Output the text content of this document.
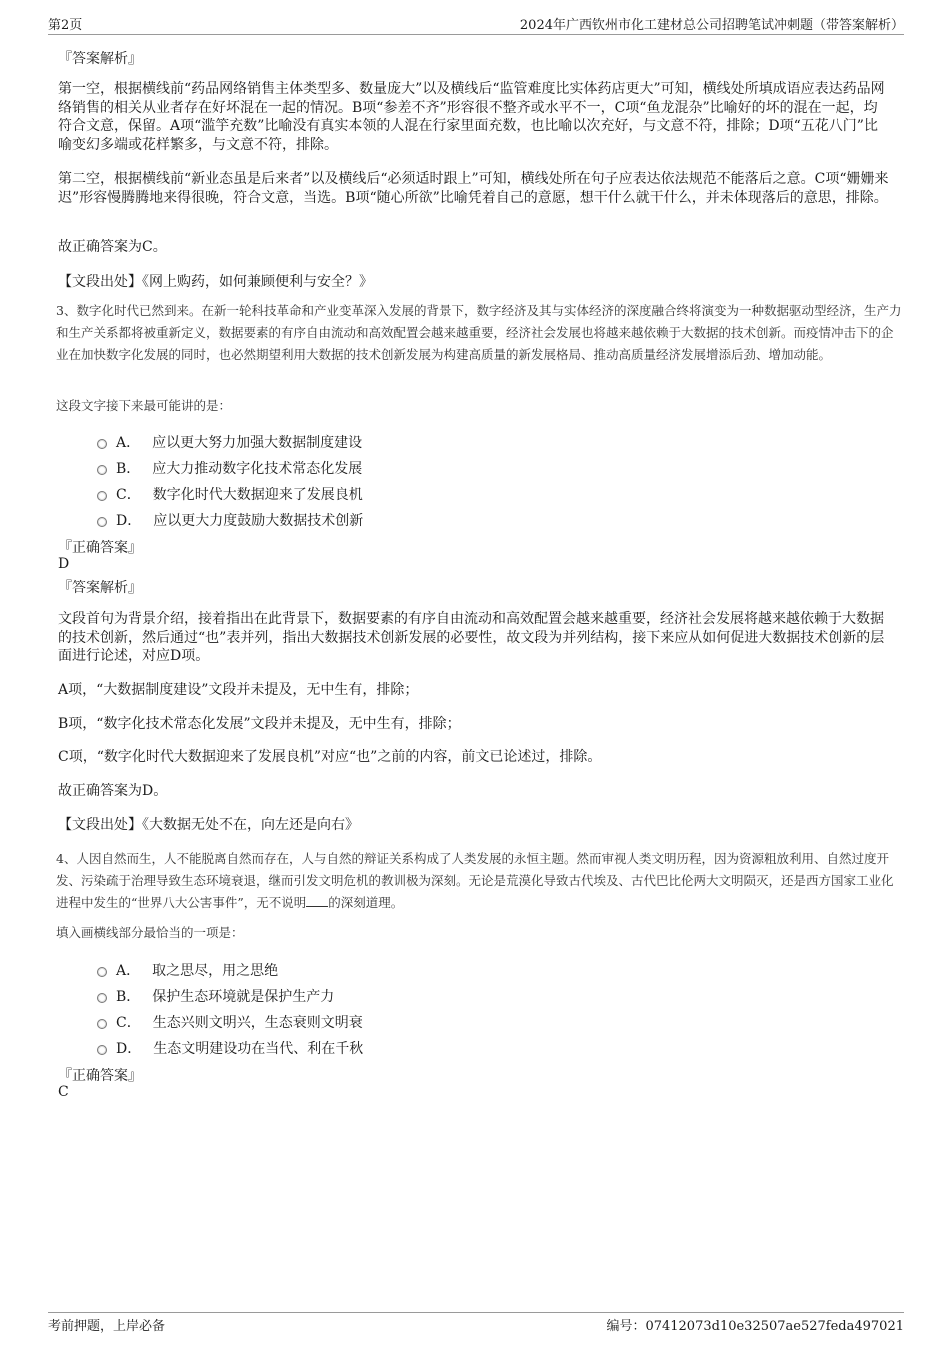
第2页	2024年广西钦州市化工建材总公司招聘笔试冲刺题（带答案解析）
『答案解析』
第一空，根据横线前“药品网络销售主体类型多、数量庞大”以及横线后“监管难度比实体药店更大”可知，横线处所填成语应表达药品网络销售的相关从业者存在好坏混在一起的情况。B项“参差不齐”形容很不整齐或水平不一，C项“鱼龙混杂”比喻好的坏的混在一起，均符合文意，保留。A项“滥竽充数”比喻没有真实本领的人混在行家里面充数，也比喻以次充好，与文意不符，排除；D项“五花八门”比喻变幻多端或花样繁多，与文意不符，排除。
第二空，根据横线前“新业态虽是后来者”以及横线后“必须适时跟上”可知，横线处所在句子应表达依法规范不能落后之意。C项“姗姗来迟”形容慢腾腾地来得很晚，符合文意，当选。B项“随心所欲”比喻凭着自己的意愿，想干什么就干什么，并未体现落后的意思，排除。
故正确答案为C。
【文段出处】《网上购药，如何兼顾便利与安全？》
3、数字化时代已然到来。在新一轮科技革命和产业变革深入发展的背景下，数字经济及其与实体经济的深度融合终将演变为一种数据驱动型经济，生产力和生产关系都将被重新定义，数据要素的有序自由流动和高效配置会越来越重要，经济社会发展也将越来越依赖于大数据的技术创新。而疫情冲击下的企业在加快数字化发展的同时，也必然期望利用大数据的技术创新发展为构建高质量的新发展格局、推动高质量经济发展增添后劲、增加动能。
这段文字接下来最可能讲的是：
A． 应以更大努力加强大数据制度建设
B． 应大力推动数字化技术常态化发展
C． 数字化时代大数据迎来了发展良机
D． 应以更大力度鼓励大数据技术创新
『正确答案』
D
『答案解析』
文段首句为背景介绍，接着指出在此背景下，数据要素的有序自由流动和高效配置会越来越重要，经济社会发展将越来越依赖于大数据的技术创新，然后通过“也”表并列，指出大数据技术创新发展的必要性，故文段为并列结构，接下来应从如何促进大数据技术创新的层面进行论述，对应D项。
A项，“大数据制度建设”文段并未提及，无中生有，排除；
B项，“数字化技术常态化发展”文段并未提及，无中生有，排除；
C项，“数字化时代大数据迎来了发展良机”对应“也”之前的内容，前文已论述过，排除。
故正确答案为D。
【文段出处】《大数据无处不在，向左还是向右》
4、人因自然而生，人不能脱离自然而存在，人与自然的辩证关系构成了人类发展的永恒主题。然而审视人类文明历程，因为资源粗放利用、自然过度开发、污染疏于治理导致生态环境衰退，继而引发文明危机的教训极为深刻。无论是荒漠化导致古代埃及、古代巴比伦两大文明陨灭，还是西方国家工业化进程中发生的“世界八大公害事件”，无不说明 的深刻道理。
填入画横线部分最恰当的一项是：
A． 取之思尽，用之思绝
B． 保护生态环境就是保护生产力
C． 生态兴则文明兴，生态衰则文明衰
D． 生态文明建设功在当代、利在千秋
『正确答案』
C
考前押题，上岸必备	编号：07412073d10e32507ae527feda497021
